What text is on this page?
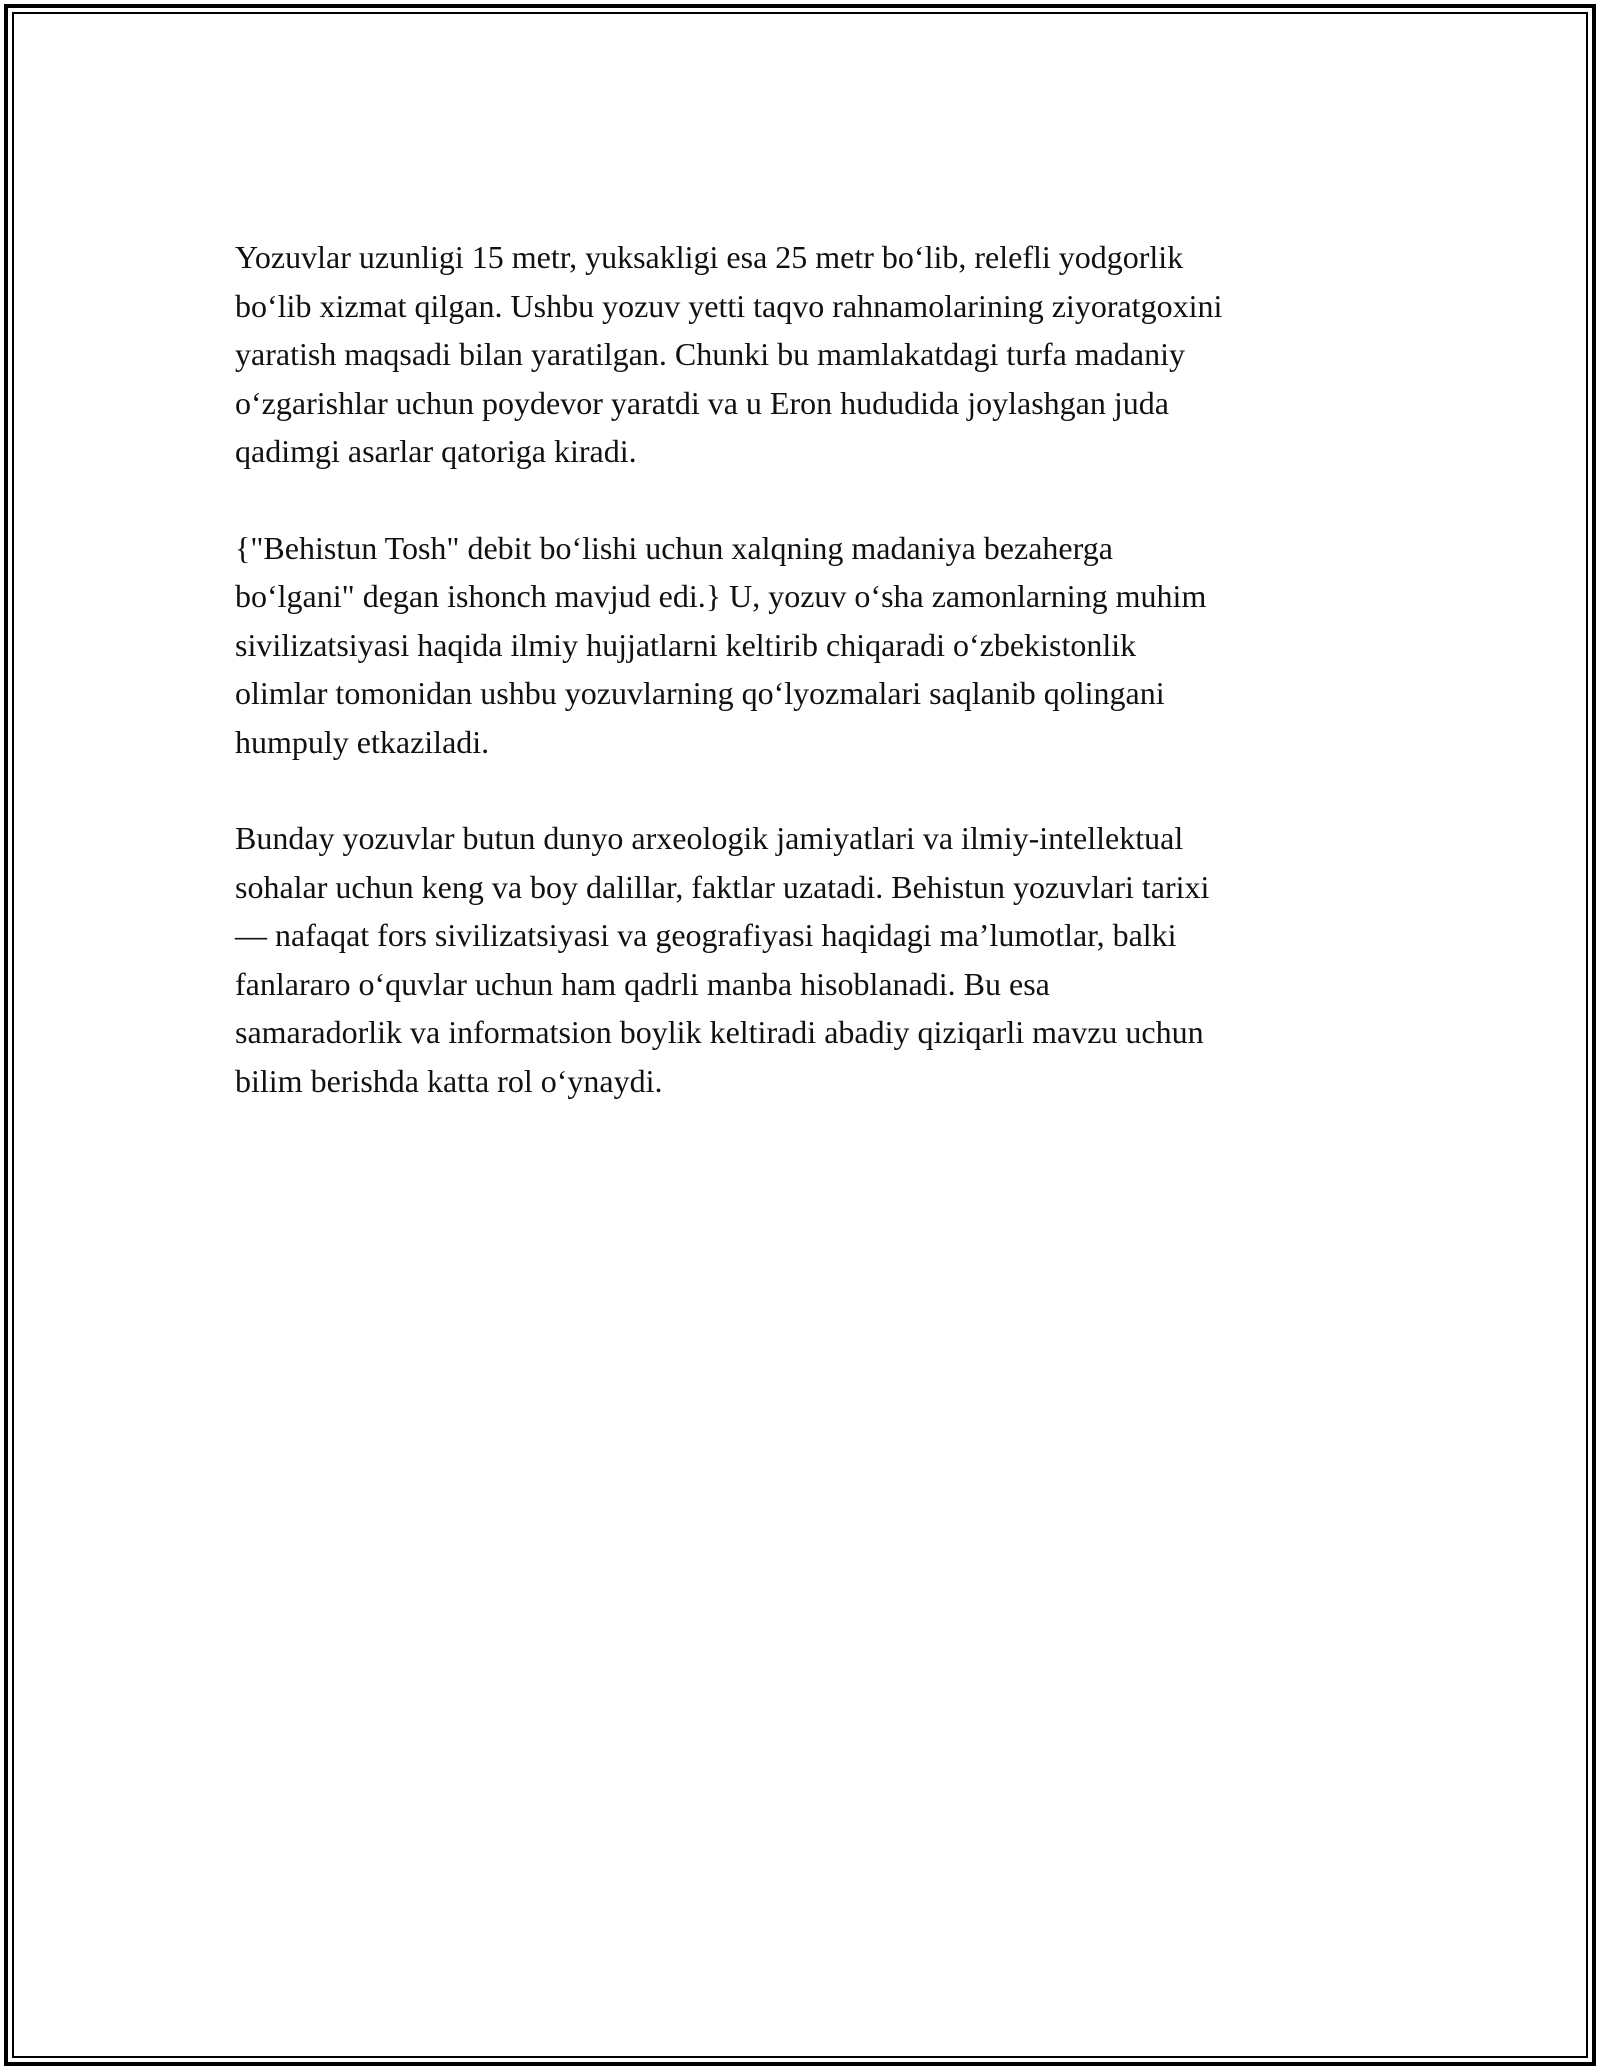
Yozuvlar uzunligi 15 metr, yuksakligi esa 25 metr bo‘lib, relefli yodgorlik
bo‘lib xizmat qilgan. Ushbu yozuv yetti taqvo rahnamolarining ziyoratgoxini
yaratish maqsadi bilan yaratilgan. Chunki bu mamlakatdagi turfa madaniy
o‘zgarishlar uchun poydevor yaratdi va u Eron hududida joylashgan juda
qadimgi asarlar qatoriga kiradi.

{"Behistun Tosh" debit bo‘lishi uchun xalqning madaniya bezaherga
bo‘lgani" degan ishonch mavjud edi.} U, yozuv o‘sha zamonlarning muhim
sivilizatsiyasi haqida ilmiy hujjatlarni keltirib chiqaradi o‘zbekistonlik
olimlar tomonidan ushbu yozuvlarning qo‘lyozmalari saqlanib qolingani
humpuly etkaziladi.

Bunday yozuvlar butun dunyo arxeologik jamiyatlari va ilmiy-intellektual
sohalar uchun keng va boy dalillar, faktlar uzatadi. Behistun yozuvlari tarixi
— nafaqat fors sivilizatsiyasi va geografiyasi haqidagi ma’lumotlar, balki
fanlararo o‘quvlar uchun ham qadrli manba hisoblanadi. Bu esa
samaradorlik va informatsion boylik keltiradi abadiy qiziqarli mavzu uchun
bilim berishda katta rol o‘ynaydi.
